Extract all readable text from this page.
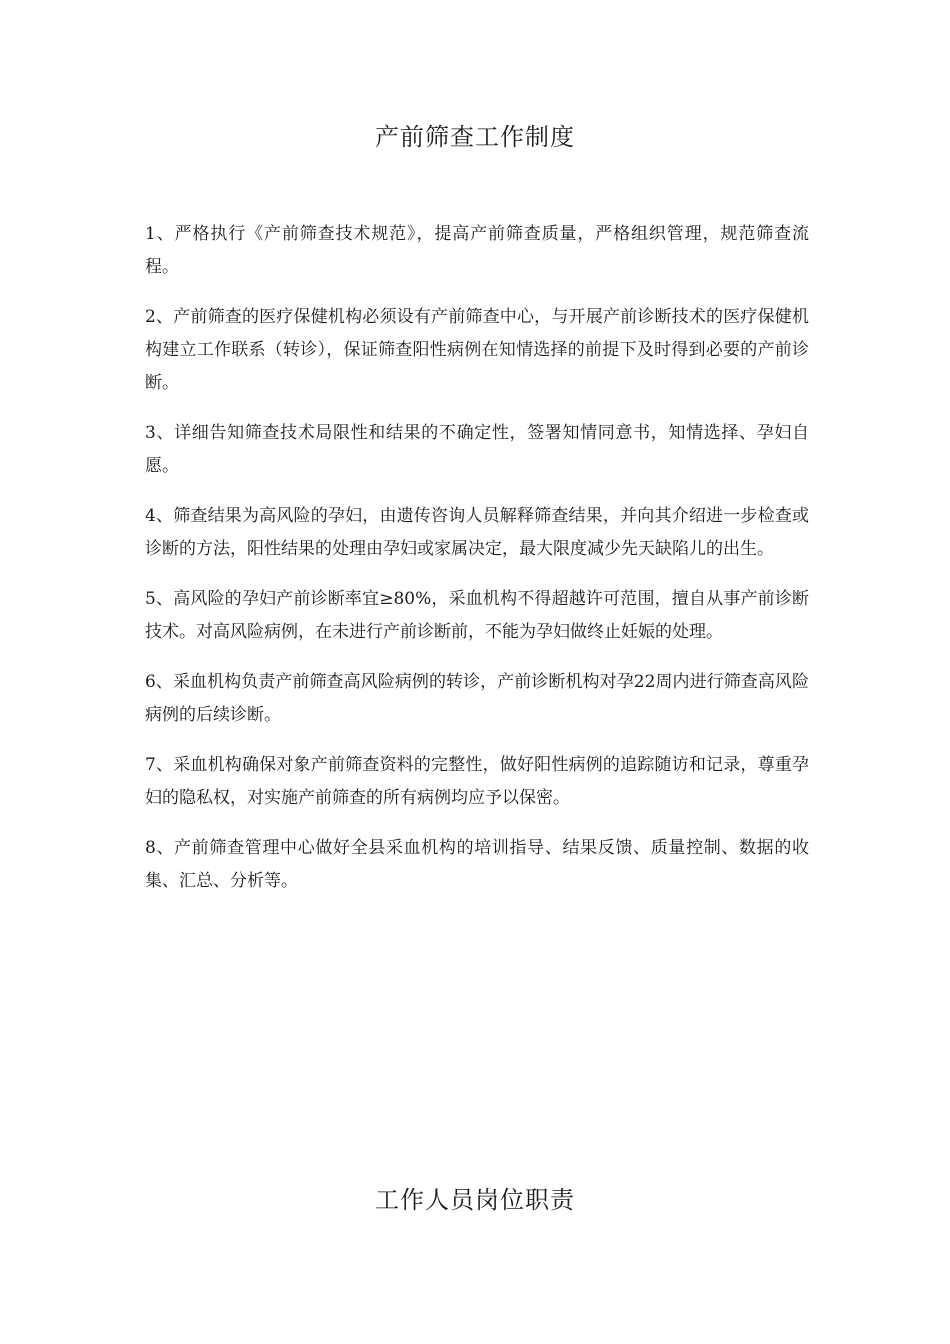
产前筛查工作制度

1、严格执行《产前筛查技术规范》，提高产前筛查质量，严格组织管理，规范筛查流程。

2、产前筛查的医疗保健机构必须设有产前筛查中心，与开展产前诊断技术的医疗保健机构建立工作联系（转诊），保证筛查阳性病例在知情选择的前提下及时得到必要的产前诊断。

3、详细告知筛查技术局限性和结果的不确定性，签署知情同意书，知情选择、孕妇自愿。

4、筛查结果为高风险的孕妇，由遗传咨询人员解释筛查结果，并向其介绍进一步检查或诊断的方法，阳性结果的处理由孕妇或家属决定，最大限度减少先天缺陷儿的出生。

5、高风险的孕妇产前诊断率宜≥80%，采血机构不得超越许可范围，擅自从事产前诊断技术。对高风险病例，在未进行产前诊断前，不能为孕妇做终止妊娠的处理。

6、采血机构负责产前筛查高风险病例的转诊，产前诊断机构对孕22周内进行筛查高风险病例的后续诊断。

7、采血机构确保对象产前筛查资料的完整性，做好阳性病例的追踪随访和记录，尊重孕妇的隐私权，对实施产前筛查的所有病例均应予以保密。

8、产前筛查管理中心做好全县采血机构的培训指导、结果反馈、质量控制、数据的收集、汇总、分析等。

工作人员岗位职责
